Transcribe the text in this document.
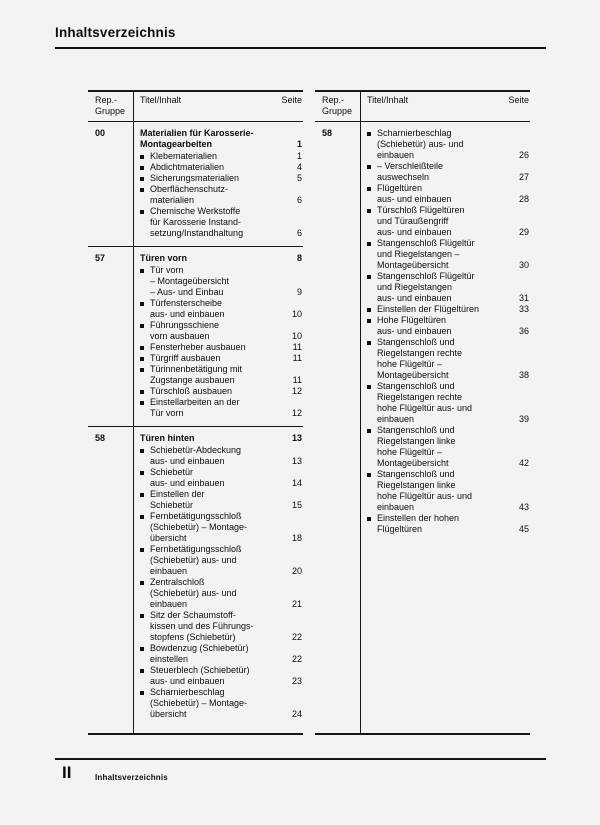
Inhaltsverzeichnis
Rep.-
Gruppe
Titel/Inhalt	Seite
00	Materialien für Karosserie-
Montagearbeiten	1
Klebematerialien	1
Abdichtmaterialien	4
Sicherungsmaterialien	5
Oberflächenschutz-
materialien	6
Chemische Werkstoffe
für Karosserie Instand-
setzung/Instandhaltung	6
57	Türen vorn	8
Tür vorn
– Montageübersicht
– Aus- und Einbau	9
Türfensterscheibe
aus- und einbauen	10
Führungsschiene
vorn ausbauen	10
Fensterheber ausbauen	11
Türgriff ausbauen	11
Türinnenbetätigung mit
Zugstange ausbauen	11
Türschloß ausbauen	12
Einstellarbeiten an der
Tür vorn	12
58	Türen hinten	13
Schiebetür-Abdeckung
aus- und einbauen	13
Schiebetür
aus- und einbauen	14
Einstellen der
Schiebetür	15
Fernbetätigungsschloß
(Schiebetür) – Montage-
übersicht	18
Fernbetätigungsschloß
(Schiebetür) aus- und
einbauen	20
Zentralschloß
(Schiebetür) aus- und
einbauen	21
Sitz der Schaumstoff-
kissen und des Führungs-
stopfens (Schiebetür)	22
Bowdenzug (Schiebetür)
einstellen	22
Steuerblech (Schiebetür)
aus- und einbauen	23
Scharnierbeschlag
(Schiebetür) – Montage-
übersicht	24
Rep.-
Gruppe
Titel/Inhalt	Seite
58	Scharnierbeschlag
(Schiebetür) aus- und
einbauen	26
– Verschleißteile
auswechseln	27
Flügeltüren
aus- und einbauen	28
Türschloß Flügeltüren
und Türaußengriff
aus- und einbauen	29
Stangenschloß Flügeltür
und Riegelstangen –
Montageübersicht	30
Stangenschloß Flügeltür
und Riegelstangen
aus- und einbauen	31
Einstellen der Flügeltüren	33
Hohe Flügeltüren
aus- und einbauen	36
Stangenschloß und
Riegelstangen rechte
hohe Flügeltür –
Montageübersicht	38
Stangenschloß und
Riegelstangen rechte
hohe Flügeltür aus- und
einbauen	39
Stangenschloß und
Riegelstangen linke
hohe Flügeltür –
Montageübersicht	42
Stangenschloß und
Riegelstangen linke
hohe Flügeltür aus- und
einbauen	43
Einstellen der hohen
Flügeltüren	45
II	Inhaltsverzeichnis
